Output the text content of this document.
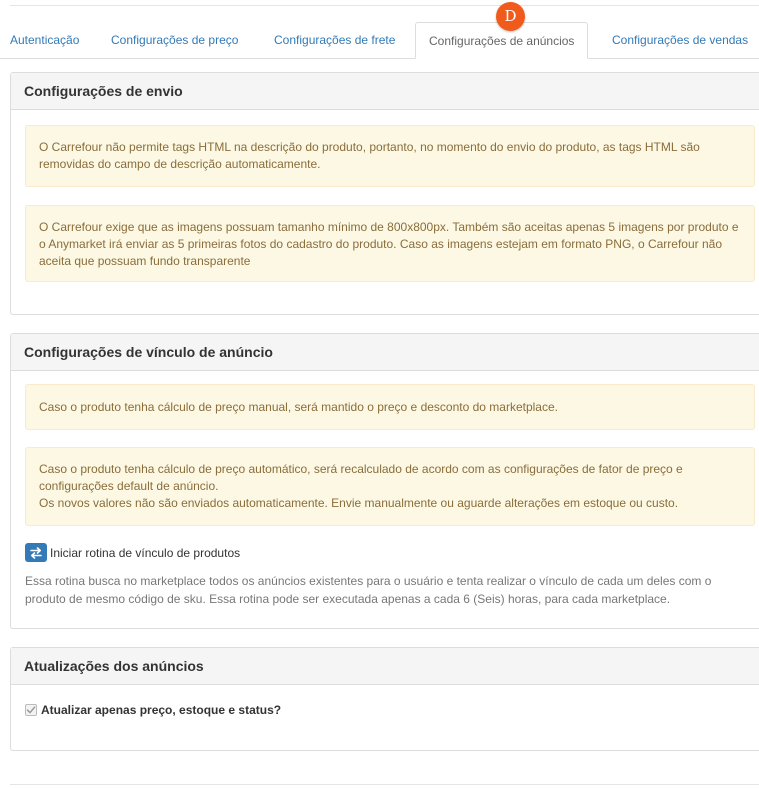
Autenticação	Configurações de preço	Configurações de frete	Configurações de anúncios	Configurações de vendas
D
Configurações de envio
O Carrefour não permite tags HTML na descrição do produto, portanto, no momento do envio do produto, as tags HTML são removidas do campo de descrição automaticamente.
O Carrefour exige que as imagens possuam tamanho mínimo de 800x800px. Também são aceitas apenas 5 imagens por produto e o Anymarket irá enviar as 5 primeiras fotos do cadastro do produto. Caso as imagens estejam em formato PNG, o Carrefour não aceita que possuam fundo transparente
Configurações de vínculo de anúncio
Caso o produto tenha cálculo de preço manual, será mantido o preço e desconto do marketplace.
Caso o produto tenha cálculo de preço automático, será recalculado de acordo com as configurações de fator de preço e configurações default de anúncio.
Os novos valores não são enviados automaticamente. Envie manualmente ou aguarde alterações em estoque ou custo.
Iniciar rotina de vínculo de produtos
Essa rotina busca no marketplace todos os anúncios existentes para o usuário e tenta realizar o vínculo de cada um deles com o produto de mesmo código de sku. Essa rotina pode ser executada apenas a cada 6 (Seis) horas, para cada marketplace.
Atualizações dos anúncios
Atualizar apenas preço, estoque e status?
